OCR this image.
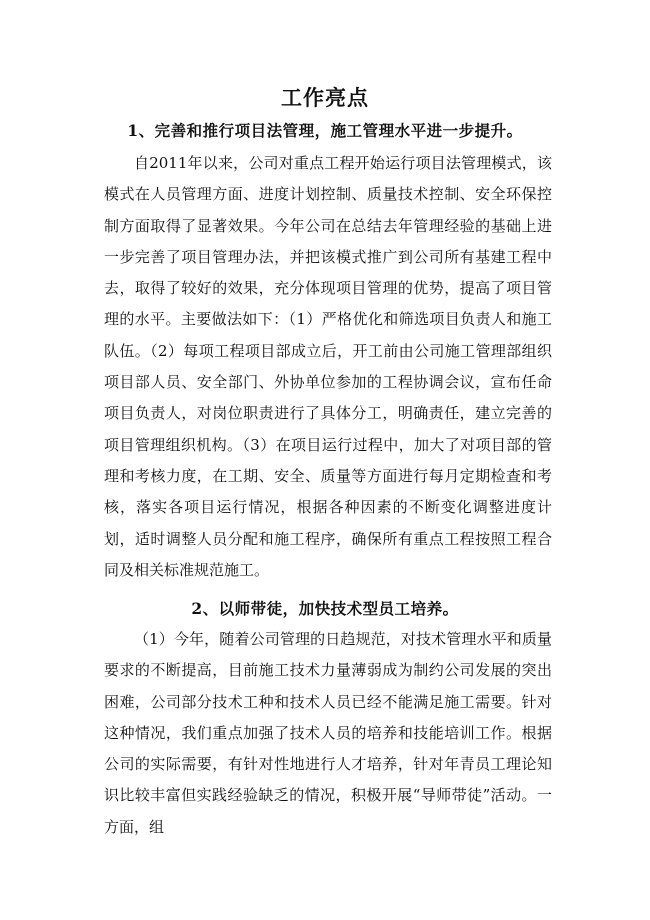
工作亮点
1、完善和推行项目法管理，施工管理水平进一步提升。

自2011年以来，公司对重点工程开始运行项目法管理模式，该模式在人员管理方面、进度计划控制、质量技术控制、安全环保控制方面取得了显著效果。今年公司在总结去年管理经验的基础上进一步完善了项目管理办法，并把该模式推广到公司所有基建工程中去，取得了较好的效果，充分体现项目管理的优势，提高了项目管理的水平。主要做法如下：（1）严格优化和筛选项目负责人和施工队伍。（2）每项工程项目部成立后，开工前由公司施工管理部组织项目部人员、安全部门、外协单位参加的工程协调会议，宣布任命项目负责人，对岗位职责进行了具体分工，明确责任，建立完善的项目管理组织机构。（3）在项目运行过程中，加大了对项目部的管理和考核力度，在工期、安全、质量等方面进行每月定期检查和考核，落实各项目运行情况，根据各种因素的不断变化调整进度计划，适时调整人员分配和施工程序，确保所有重点工程按照工程合同及相关标准规范施工。

2、以师带徒，加快技术型员工培养。

（1）今年，随着公司管理的日趋规范，对技术管理水平和质量要求的不断提高，目前施工技术力量薄弱成为制约公司发展的突出困难，公司部分技术工种和技术人员已经不能满足施工需要。针对这种情况，我们重点加强了技术人员的培养和技能培训工作。根据公司的实际需要，有针对性地进行人才培养，针对年青员工理论知识比较丰富但实践经验缺乏的情况，积极开展“导师带徒”活动。一方面，组
